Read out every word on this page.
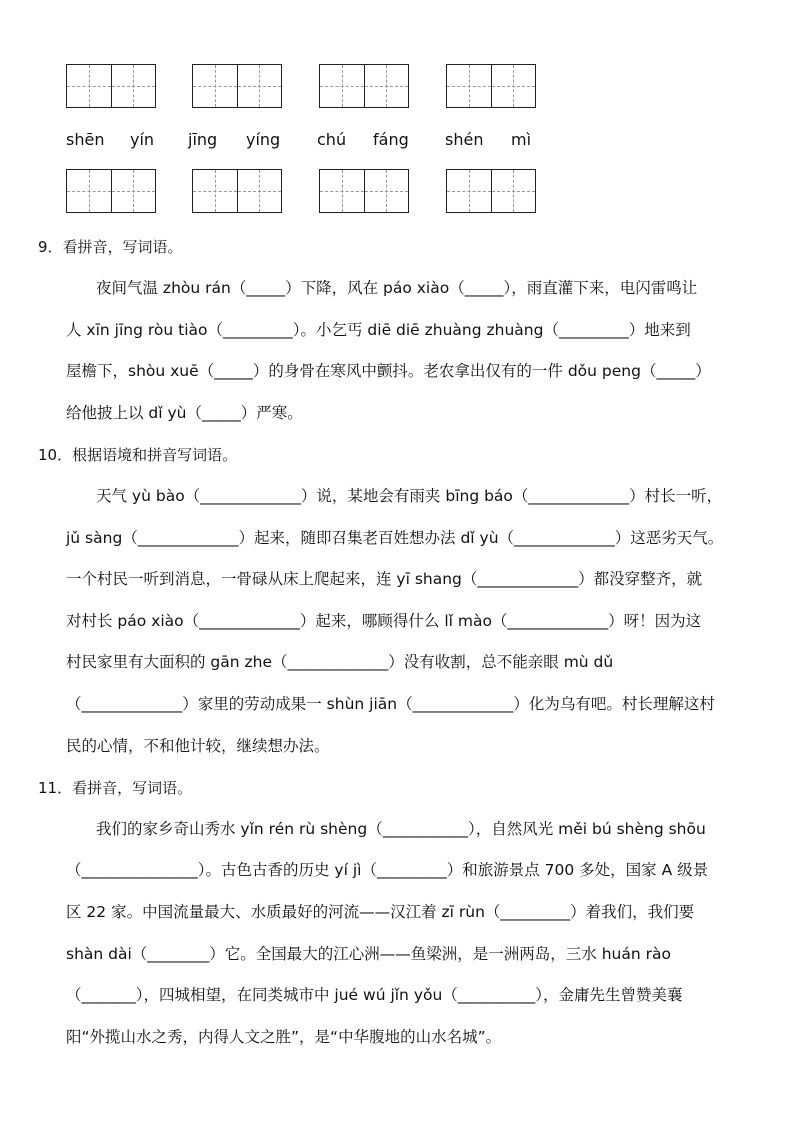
shēn yín jīng yíng chú fáng shén mì
9．看拼音，写词语。
夜间气温 zhòu rán（_____）下降，风在 páo xiào（_____），雨直灌下来，电闪雷鸣让
人 xīn jīng ròu tiào（_________）。小乞丐 diē diē zhuàng zhuàng（_________）地来到
屋檐下，shòu xuē（_____）的身骨在寒风中颤抖。老农拿出仅有的一件 dǒu peng（_____）
给他披上以 dǐ yù（_____）严寒。
10．根据语境和拼音写词语。
天气 yù bào（_____________）说，某地会有雨夹 bīng báo（_____________）村长一听，
jǔ sàng（_____________）起来，随即召集老百姓想办法 dǐ yù（_____________）这恶劣天气。
一个村民一听到消息，一骨碌从床上爬起来，连 yī shang（_____________）都没穿整齐，就
对村长 páo xiào（_____________）起来，哪顾得什么 lǐ mào（_____________）呀！因为这
村民家里有大面积的 gān zhe（_____________）没有收割，总不能亲眼 mù dǔ
（_____________）家里的劳动成果一 shùn jiān（_____________）化为乌有吧。村长理解这村
民的心情，不和他计较，继续想办法。
11．看拼音，写词语。
我们的家乡奇山秀水 yǐn rén rù shèng（___________），自然风光 měi bú shèng shōu
（_______________）。古色古香的历史 yí jì（_________）和旅游景点 700 多处，国家 A 级景
区 22 家。中国流量最大、水质最好的河流——汉江着 zī rùn（_________）着我们，我们要
shàn dài（________）它。全国最大的江心洲——鱼梁洲，是一洲两岛，三水 huán rào
（_______），四城相望，在同类城市中 jué wú jǐn yǒu（__________），金庸先生曾赞美襄
阳“外揽山水之秀，内得人文之胜”，是“中华腹地的山水名城”。
